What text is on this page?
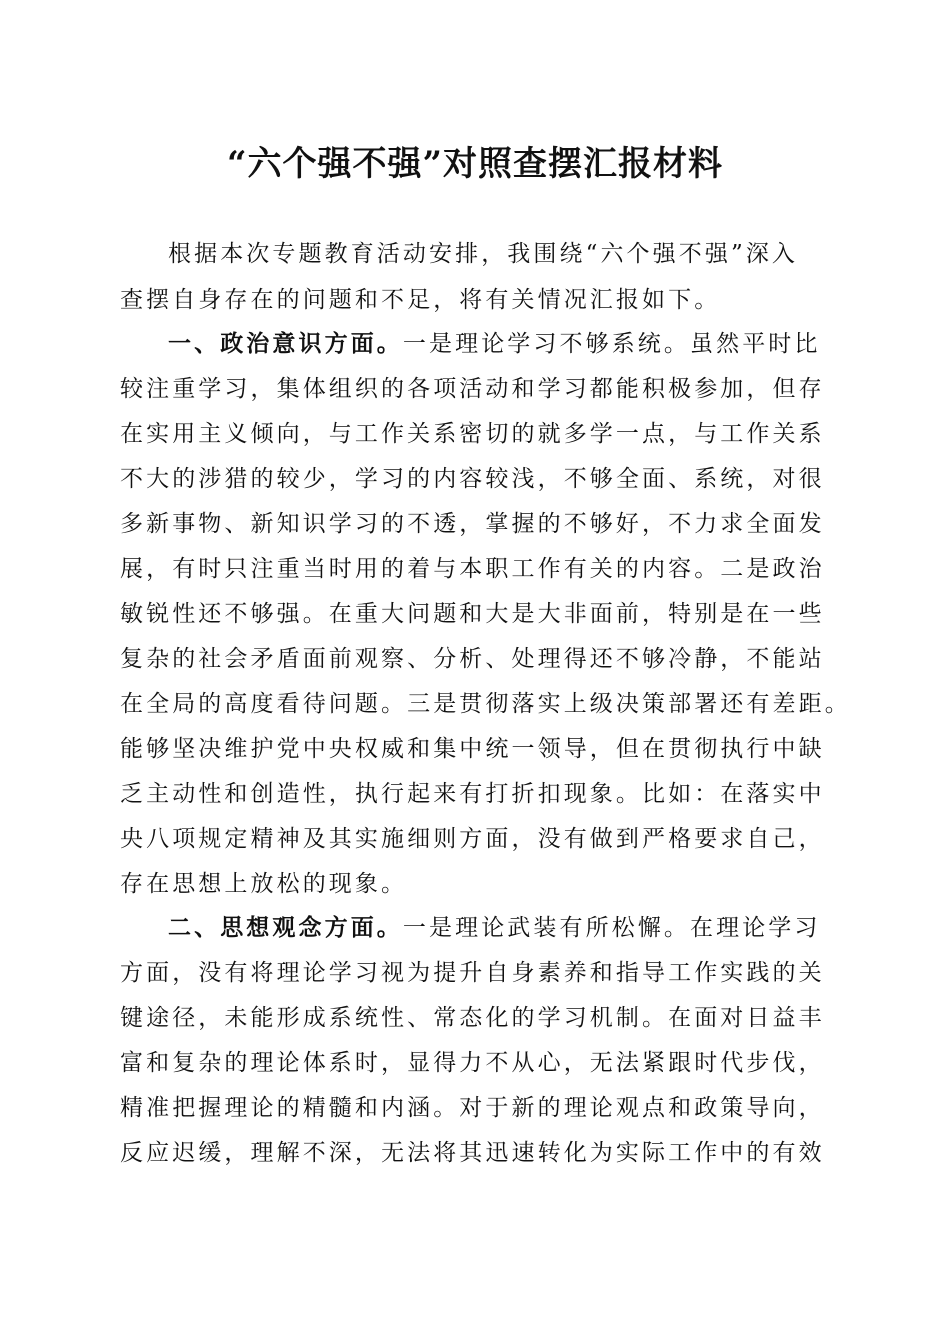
“六个强不强”对照查摆汇报材料
根据本次专题教育活动安排，我围绕“六个强不强”深入
查摆自身存在的问题和不足，将有关情况汇报如下。
一、政治意识方面。一是理论学习不够系统。虽然平时比
较注重学习，集体组织的各项活动和学习都能积极参加，但存
在实用主义倾向，与工作关系密切的就多学一点，与工作关系
不大的涉猎的较少，学习的内容较浅，不够全面、系统，对很
多新事物、新知识学习的不透，掌握的不够好，不力求全面发
展，有时只注重当时用的着与本职工作有关的内容。二是政治
敏锐性还不够强。在重大问题和大是大非面前，特别是在一些
复杂的社会矛盾面前观察、分析、处理得还不够冷静，不能站
在全局的高度看待问题。三是贯彻落实上级决策部署还有差距。
能够坚决维护党中央权威和集中统一领导，但在贯彻执行中缺
乏主动性和创造性，执行起来有打折扣现象。比如：在落实中
央八项规定精神及其实施细则方面，没有做到严格要求自己，
存在思想上放松的现象。
二、思想观念方面。一是理论武装有所松懈。在理论学习
方面，没有将理论学习视为提升自身素养和指导工作实践的关
键途径，未能形成系统性、常态化的学习机制。在面对日益丰
富和复杂的理论体系时，显得力不从心，无法紧跟时代步伐，
精准把握理论的精髓和内涵。对于新的理论观点和政策导向，
反应迟缓，理解不深，无法将其迅速转化为实际工作中的有效
